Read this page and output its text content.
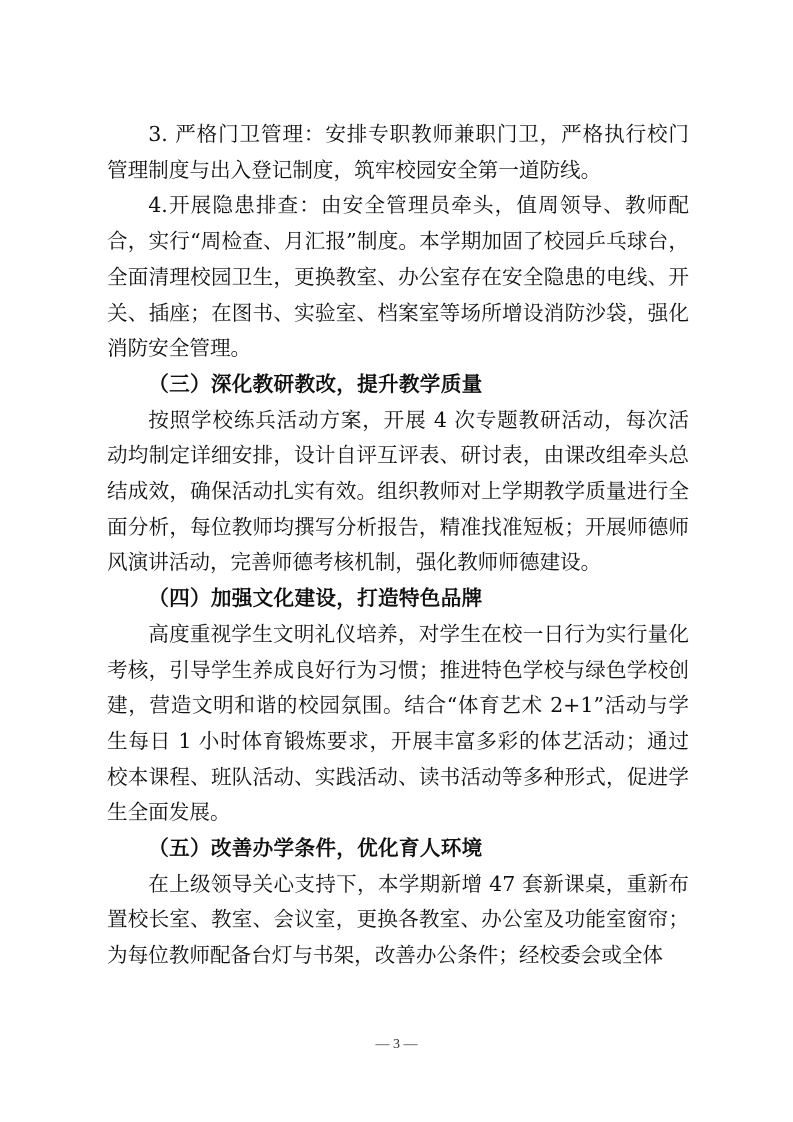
3. 严格门卫管理：安排专职教师兼职门卫，严格执行校门管理制度与出入登记制度，筑牢校园安全第一道防线。

4.开展隐患排查：由安全管理员牵头，值周领导、教师配合，实行“周检查、月汇报”制度。本学期加固了校园乒乓球台，全面清理校园卫生，更换教室、办公室存在安全隐患的电线、开关、插座；在图书、实验室、档案室等场所增设消防沙袋，强化消防安全管理。

（三）深化教研教改，提升教学质量

按照学校练兵活动方案，开展 4 次专题教研活动，每次活动均制定详细安排，设计自评互评表、研讨表，由课改组牵头总结成效，确保活动扎实有效。组织教师对上学期教学质量进行全面分析，每位教师均撰写分析报告，精准找准短板；开展师德师风演讲活动，完善师德考核机制，强化教师师德建设。

（四）加强文化建设，打造特色品牌

高度重视学生文明礼仪培养，对学生在校一日行为实行量化考核，引导学生养成良好行为习惯；推进特色学校与绿色学校创建，营造文明和谐的校园氛围。结合“体育艺术 2+1”活动与学生每日 1 小时体育锻炼要求，开展丰富多彩的体艺活动；通过校本课程、班队活动、实践活动、读书活动等多种形式，促进学生全面发展。

（五）改善办学条件，优化育人环境

在上级领导关心支持下，本学期新增 47 套新课桌，重新布置校长室、教室、会议室，更换各教室、办公室及功能室窗帘；为每位教师配备台灯与书架，改善办公条件；经校委会或全体

— 3 —
